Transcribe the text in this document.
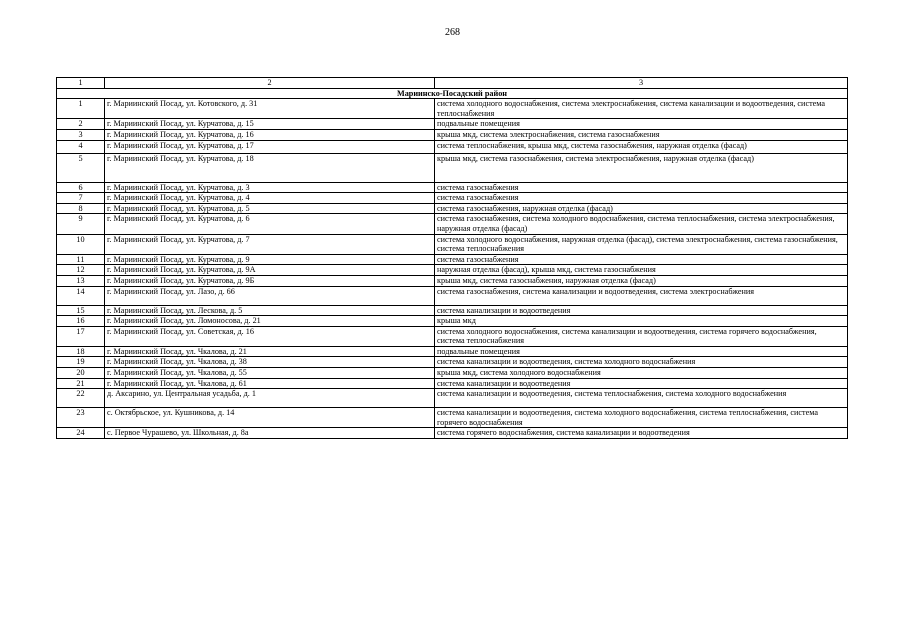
268
1	2	3
Мариинско-Посадский район		
1	г. Мариинский Посад, ул. Котовского, д. 31	система холодного водоснабжения, система электроснабжения, система канализации и водоотведения, система теплоснабжения
2	г. Мариинский Посад, ул. Курчатова, д. 15	подвальные помещения
3	г. Мариинский Посад, ул. Курчатова, д. 16	крыша мкд, система электроснабжения, система газоснабжения
4	г. Мариинский Посад, ул. Курчатова, д. 17	система теплоснабжения, крыша мкд, система газоснабжения, наружная отделка (фасад)
5	г. Мариинский Посад, ул. Курчатова, д. 18	крыша мкд, система газоснабжения, система электроснабжения, наружная отделка (фасад)
6	г. Мариинский Посад, ул. Курчатова, д. 3	система газоснабжения
7	г. Мариинский Посад, ул. Курчатова, д. 4	система газоснабжения
8	г. Мариинский Посад, ул. Курчатова, д. 5	система газоснабжения, наружная отделка (фасад)
9	г. Мариинский Посад, ул. Курчатова, д. 6	система газоснабжения, система холодного водоснабжения, система теплоснабжения, система электроснабжения, наружная отделка (фасад)
10	г. Мариинский Посад, ул. Курчатова, д. 7	система холодного водоснабжения, наружная отделка (фасад), система электроснабжения, система газоснабжения, система теплоснабжения
11	г. Мариинский Посад, ул. Курчатова, д. 9	система газоснабжения
12	г. Мариинский Посад, ул. Курчатова, д. 9А	наружная отделка (фасад), крыша мкд, система газоснабжения
13	г. Мариинский Посад, ул. Курчатова, д. 9Б	крыша мкд, система газоснабжения, наружная отделка (фасад)
14	г. Мариинский Посад, ул. Лазо, д. 66	система газоснабжения, система канализации и водоотведения, система электроснабжения
15	г. Мариинский Посад, ул. Лескова, д. 5	система канализации и водоотведения
16	г. Мариинский Посад, ул. Ломоносова, д. 21	крыша мкд
17	г. Мариинский Посад, ул. Советская, д. 16	система холодного водоснабжения, система канализации и водоотведения, система горячего водоснабжения, система теплоснабжения
18	г. Мариинский Посад, ул. Чкалова, д. 21	подвальные помещения
19	г. Мариинский Посад, ул. Чкалова, д. 38	система канализации и водоотведения, система холодного водоснабжения
20	г. Мариинский Посад, ул. Чкалова, д. 55	крыша мкд, система холодного водоснабжения
21	г. Мариинский Посад, ул. Чкалова, д. 61	система канализации и водоотведения
22	д. Аксарино, ул. Центральная усадьба, д. 1	система канализации и водоотведения, система теплоснабжения, система холодного водоснабжения
23	с. Октябрьское, ул. Кушникова, д. 14	система канализации и водоотведения, система холодного водоснабжения, система теплоснабжения, система горячего водоснабжения
24	с. Первое Чурашево, ул. Школьная, д. 8а	система горячего водоснабжения, система канализации и водоотведения
